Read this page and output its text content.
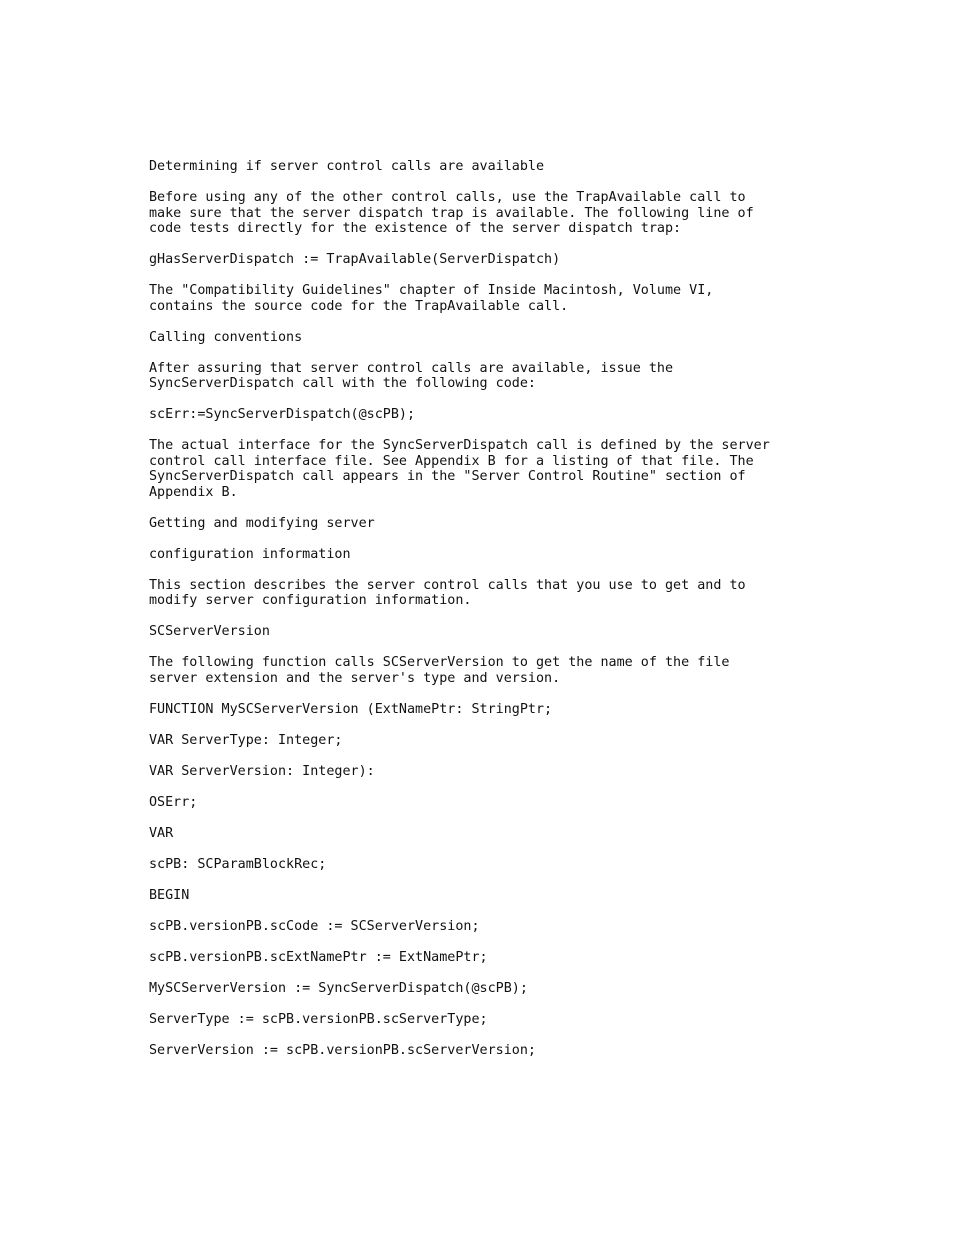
Determining if server control calls are available
Before using any of the other control calls, use the TrapAvailable call to
make sure that the server dispatch trap is available. The following line of
code tests directly for the existence of the server dispatch trap:
gHasServerDispatch := TrapAvailable(ServerDispatch)
The "Compatibility Guidelines" chapter of Inside Macintosh, Volume VI,
contains the source code for the TrapAvailable call.
Calling conventions
After assuring that server control calls are available, issue the
SyncServerDispatch call with the following code:
scErr:=SyncServerDispatch(@scPB);
The actual interface for the SyncServerDispatch call is defined by the server
control call interface file. See Appendix B for a listing of that file. The
SyncServerDispatch call appears in the "Server Control Routine" section of
Appendix B.
Getting and modifying server
configuration information
This section describes the server control calls that you use to get and to
modify server configuration information.
SCServerVersion
The following function calls SCServerVersion to get the name of the file
server extension and the server's type and version.
FUNCTION MySCServerVersion (ExtNamePtr: StringPtr;
VAR ServerType: Integer;
VAR ServerVersion: Integer):
OSErr;
VAR
scPB: SCParamBlockRec;
BEGIN
scPB.versionPB.scCode := SCServerVersion;
scPB.versionPB.scExtNamePtr := ExtNamePtr;
MySCServerVersion := SyncServerDispatch(@scPB);
ServerType := scPB.versionPB.scServerType;
ServerVersion := scPB.versionPB.scServerVersion;
